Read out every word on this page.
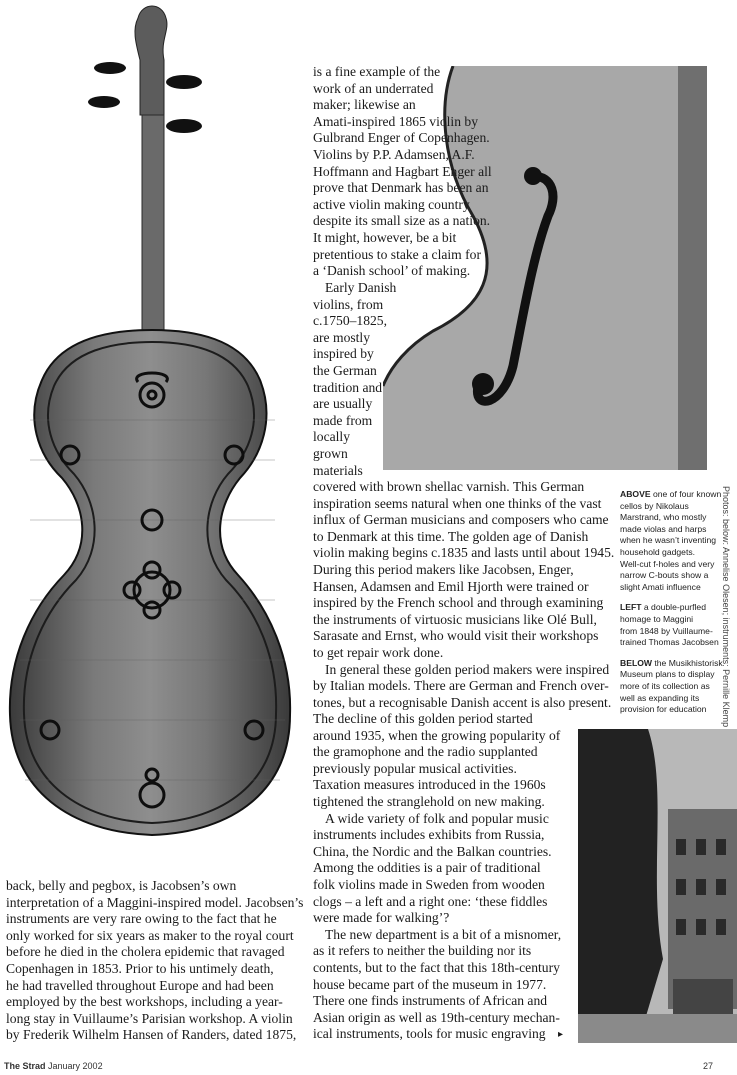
is a fine example of the
work of an underrated
maker; likewise an
Amati-inspired 1865 violin by
Gulbrand Enger of Copenhagen.
Violins by P.P. Adamsen, A.F.
Hoffmann and Hagbart Enger all
prove that Denmark has been an
active violin making country
despite its small size as a nation.
It might, however, be a bit
pretentious to stake a claim for
a ‘Danish school’ of making.
Early Danish
violins, from
c.1750–1825,
are mostly
inspired by
the German
tradition and
are usually
made from
locally
grown
materials
covered with brown shellac varnish. This German
inspiration seems natural when one thinks of the vast
influx of German musicians and composers who came
to Denmark at this time. The golden age of Danish
violin making begins c.1835 and lasts until about 1945.
During this period makers like Jacobsen, Enger,
Hansen, Adamsen and Emil Hjorth were trained or
inspired by the French school and through examining
the instruments of virtuosic musicians like Olé Bull,
Sarasate and Ernst, who would visit their workshops
to get repair work done.
In general these golden period makers were inspired
by Italian models. There are German and French over-
tones, but a recognisable Danish accent is also present.
The decline of this golden period started
around 1935, when the growing popularity of
the gramophone and the radio supplanted
previously popular musical activities.
Taxation measures introduced in the 1960s
tightened the stranglehold on new making.
A wide variety of folk and popular music
instruments includes exhibits from Russia,
China, the Nordic and the Balkan countries.
Among the oddities is a pair of traditional
folk violins made in Sweden from wooden
clogs – a left and a right one: ‘these fiddles
were made for walking’?
The new department is a bit of a misnomer,
as it refers to neither the building nor its
contents, but to the fact that this 18th-century
house became part of the museum in 1977.
There one finds instruments of African and
Asian origin as well as 19th-century mechan-
ical instruments, tools for music engraving	▸
back, belly and pegbox, is Jacobsen’s own
interpretation of a Maggini-inspired model. Jacobsen’s
instruments are very rare owing to the fact that he
only worked for six years as maker to the royal court
before he died in the cholera epidemic that ravaged
Copenhagen in 1853. Prior to his untimely death,
he had travelled throughout Europe and had been
employed by the best workshops, including a year-
long stay in Vuillaume’s Parisian workshop. A violin
by Frederik Wilhelm Hansen of Randers, dated 1875,
ABOVE one of four known
cellos by Nikolaus
Marstrand, who mostly
made violas and harps
when he wasn’t inventing
household gadgets.
Well-cut f-holes and very
narrow C-bouts show a
slight Amati influence
LEFT a double-purfled
homage to Maggini
from 1848 by Vuillaume-
trained Thomas Jacobsen
BELOW the Musikhistorisk
Museum plans to display
more of its collection as
well as expanding its
provision for education	Photos: below: Annelise Olesen; instruments: Pernille Klemp
The Strad January 2002	27
